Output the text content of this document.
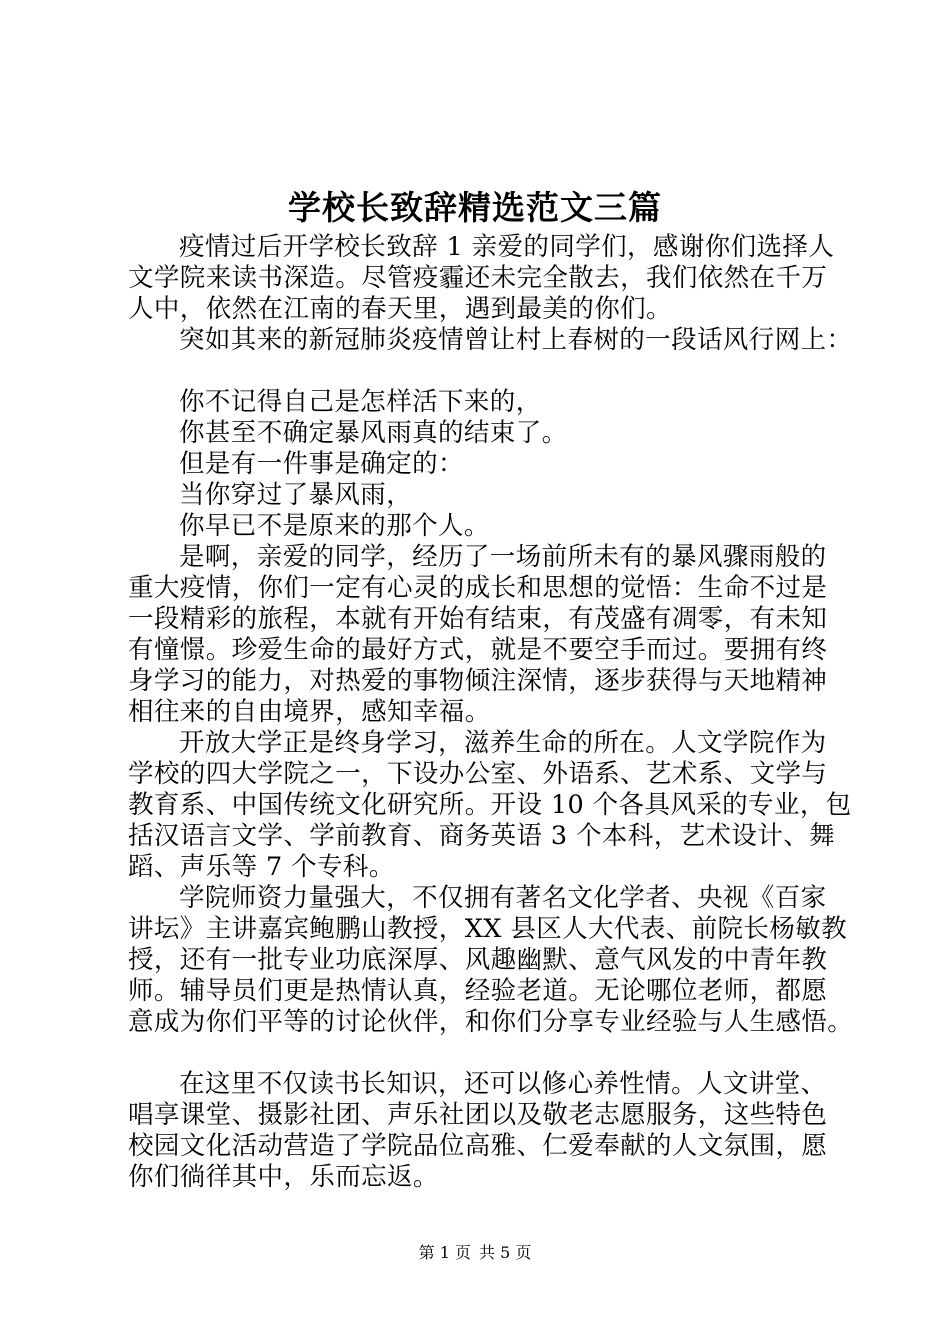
学校长致辞精选范文三篇
疫情过后开学校长致辞 1 亲爱的同学们，感谢你们选择人
文学院来读书深造。尽管疫霾还未完全散去，我们依然在千万
人中，依然在江南的春天里，遇到最美的你们。
突如其来的新冠肺炎疫情曾让村上春树的一段话风行网上：
你不记得自己是怎样活下来的，
你甚至不确定暴风雨真的结束了。
但是有一件事是确定的：
当你穿过了暴风雨，
你早已不是原来的那个人。
是啊，亲爱的同学，经历了一场前所未有的暴风骤雨般的
重大疫情，你们一定有心灵的成长和思想的觉悟：生命不过是
一段精彩的旅程，本就有开始有结束，有茂盛有凋零，有未知
有憧憬。珍爱生命的最好方式，就是不要空手而过。要拥有终
身学习的能力，对热爱的事物倾注深情，逐步获得与天地精神
相往来的自由境界，感知幸福。
开放大学正是终身学习，滋养生命的所在。人文学院作为
学校的四大学院之一，下设办公室、外语系、艺术系、文学与
教育系、中国传统文化研究所。开设 10 个各具风采的专业，包
括汉语言文学、学前教育、商务英语 3 个本科，艺术设计、舞
蹈、声乐等 7 个专科。
学院师资力量强大，不仅拥有著名文化学者、央视《百家
讲坛》主讲嘉宾鲍鹏山教授，XX 县区人大代表、前院长杨敏教
授，还有一批专业功底深厚、风趣幽默、意气风发的中青年教
师。辅导员们更是热情认真，经验老道。无论哪位老师，都愿
意成为你们平等的讨论伙伴，和你们分享专业经验与人生感悟。
在这里不仅读书长知识，还可以修心养性情。人文讲堂、
唱享课堂、摄影社团、声乐社团以及敬老志愿服务，这些特色
校园文化活动营造了学院品位高雅、仁爱奉献的人文氛围，愿
你们徜徉其中，乐而忘返。
第 1 页 共 5 页
